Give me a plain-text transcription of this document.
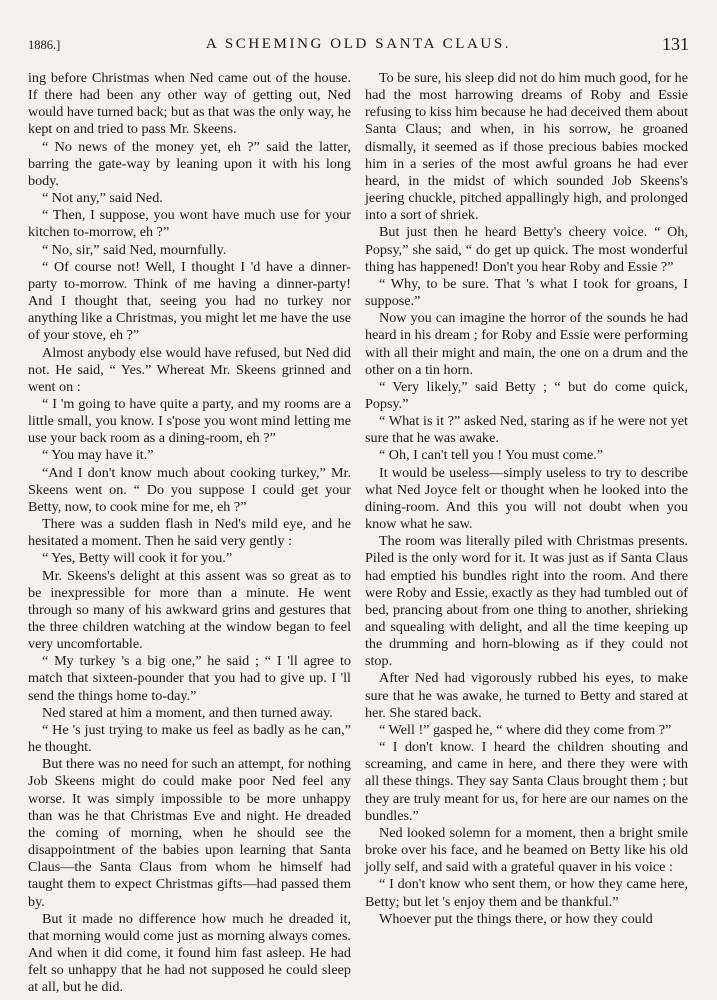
1886.]	A SCHEMING OLD SANTA CLAUS.	131

ing before Christmas when Ned came out of the house. If there had been any other way of getting out, Ned would have turned back; but as that was the only way, he kept on and tried to pass Mr. Skeens.

“ No news of the money yet, eh ?” said the latter, barring the gate-way by leaning upon it with his long body.

“ Not any,” said Ned.

“ Then, I suppose, you wont have much use for your kitchen to-morrow, eh ?”

“ No, sir,” said Ned, mournfully.

“ Of course not! Well, I thought I 'd have a dinner-party to-morrow. Think of me having a dinner-party! And I thought that, seeing you had no turkey nor anything like a Christmas, you might let me have the use of your stove, eh ?”

Almost anybody else would have refused, but Ned did not. He said, “ Yes.” Whereat Mr. Skeens grinned and went on :

“ I 'm going to have quite a party, and my rooms are a little small, you know. I s'pose you wont mind letting me use your back room as a dining-room, eh ?”

“ You may have it.”

“And I don't know much about cooking turkey,” Mr. Skeens went on. “ Do you suppose I could get your Betty, now, to cook mine for me, eh ?”

There was a sudden flash in Ned's mild eye, and he hesitated a moment. Then he said very gently :

“ Yes, Betty will cook it for you.”

Mr. Skeens's delight at this assent was so great as to be inexpressible for more than a minute. He went through so many of his awkward grins and gestures that the three children watching at the window began to feel very uncomfortable.

“ My turkey 's a big one,” he said ; “ I 'll agree to match that sixteen-pounder that you had to give up. I 'll send the things home to-day.”

Ned stared at him a moment, and then turned away.

“ He 's just trying to make us feel as badly as he can,” he thought.

But there was no need for such an attempt, for nothing Job Skeens might do could make poor Ned feel any worse. It was simply impossible to be more unhappy than was he that Christmas Eve and night. He dreaded the coming of morning, when he should see the disappointment of the babies upon learning that Santa Claus—the Santa Claus from whom he himself had taught them to expect Christmas gifts—had passed them by.

But it made no difference how much he dreaded it, that morning would come just as morning always comes. And when it did come, it found him fast asleep. He had felt so unhappy that he had not supposed he could sleep at all, but he did.

To be sure, his sleep did not do him much good, for he had the most harrowing dreams of Roby and Essie refusing to kiss him because he had deceived them about Santa Claus; and when, in his sorrow, he groaned dismally, it seemed as if those precious babies mocked him in a series of the most awful groans he had ever heard, in the midst of which sounded Job Skeens's jeering chuckle, pitched appallingly high, and prolonged into a sort of shriek.

But just then he heard Betty's cheery voice. “ Oh, Popsy,” she said, “ do get up quick. The most wonderful thing has happened! Don't you hear Roby and Essie ?”

“ Why, to be sure. That 's what I took for groans, I suppose.”

Now you can imagine the horror of the sounds he had heard in his dream ; for Roby and Essie were performing with all their might and main, the one on a drum and the other on a tin horn.

“ Very likely,” said Betty ; “ but do come quick, Popsy.”

“ What is it ?” asked Ned, staring as if he were not yet sure that he was awake.

“ Oh, I can't tell you ! You must come.”

It would be useless—simply useless to try to describe what Ned Joyce felt or thought when he looked into the dining-room. And this you will not doubt when you know what he saw.

The room was literally piled with Christmas presents. Piled is the only word for it. It was just as if Santa Claus had emptied his bundles right into the room. And there were Roby and Essie, exactly as they had tumbled out of bed, prancing about from one thing to another, shrieking and squealing with delight, and all the time keeping up the drumming and horn-blowing as if they could not stop.

After Ned had vigorously rubbed his eyes, to make sure that he was awake, he turned to Betty and stared at her. She stared back.

“ Well !” gasped he, “ where did they come from ?”

“ I don't know. I heard the children shouting and screaming, and came in here, and there they were with all these things. They say Santa Claus brought them ; but they are truly meant for us, for here are our names on the bundles.”

Ned looked solemn for a moment, then a bright smile broke over his face, and he beamed on Betty like his old jolly self, and said with a grateful quaver in his voice :

“ I don't know who sent them, or how they came here, Betty; but let 's enjoy them and be thankful.”

Whoever put the things there, or how they could
